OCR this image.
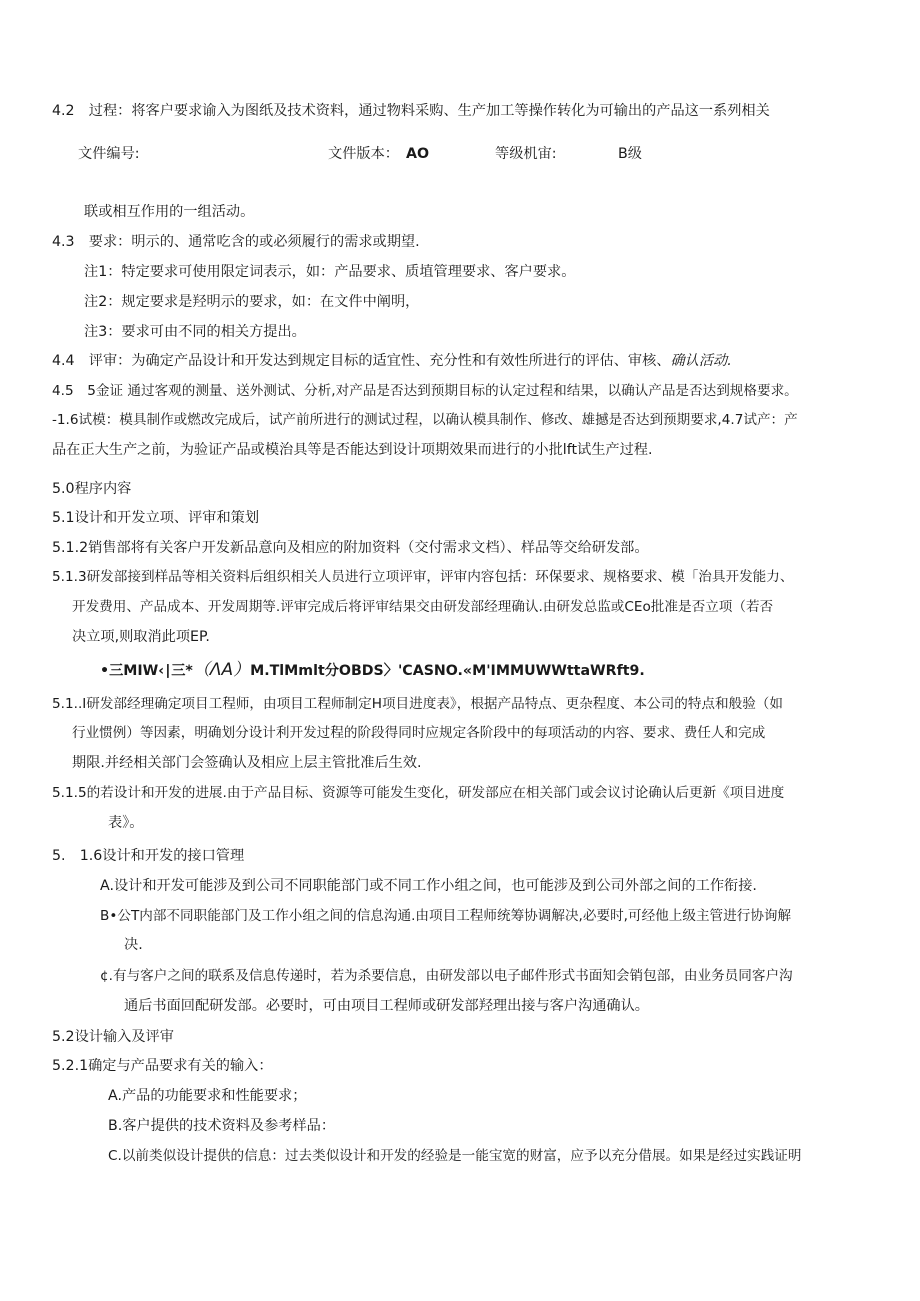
4.2　过程：将客户要求谕入为图纸及技术资料，通过物料采购、生产加工等操作转化为可输出的产品这一系列相关
文件编号:	文件版本： AO	等级机宙:	B级
联或相互作用的一组活动。
4.3　要求：明示的、通常吃含的或必须履行的需求或期望.
注1：特定要求可使用限定词表示，如：产品要求、质埴管理要求、客户要求。
注2：规定要求是羟明示的要求，如：在文件中阐明，
注3：要求可由不同的相关方提出。
4.4　评审：为确定产品设计和开发达到规定目标的适宜性、充分性和有效性所进行的评估、审核、确认活动.
4.5　5金证 通过客观的测量、送外测试、分析,对产品是否达到预期目标的认定过程和结果，以确认产品是否达到规格要求。
-1.6试模：模具制作或燃改完成后，试产前所进行的测试过程，以确认模具制作、修改、雄撼是否达到预期要求,4.7试产：产
品在正大生产之前，为验证产品或模治具等是否能达到设计项期效果而进行的小批lft试生产过程.
5.0程序内容
5.1设计和开发立项、评审和策划
5.1.2销售部将有关客户开发新品意向及相应的附加资料（交付需求文档）、样品等交给研发部。
5.1.3研发部接到样品等相关资料后组织相关人员进行立项评审，评审内容包括：环保要求、规格要求、模「治具开发能力、
开发费用、产品成本、开发周期等.评审完成后将评审结果交由研发部经理确认.由研发总监或CEo批准是否立项（若否
决立项,则取消此项EP.
•三MIW‹∣三*（ΛA）M.TlMmlt分OBDS〉'CASNO.«M'IMMUWWttaWRft9.
5.1..I研发部经理确定项目工程师，由项目工程师制定H项目进度表》，根据产品特点、更杂程度、本公司的特点和般验（如
行业惯例）等因素，明确划分设计利开发过程的阶段得同时应规定各阶段中的每项活动的内容、要求、费任人和完成
期限.并经相关部门会签确认及相应上层主管批准后生效.
5.1.5的若设计和开发的进展.由于产品目标、资源等可能发生变化，研发部应在相关部门或会议讨论确认后更新《项目进度
表》。
5.　1.6设计和开发的接口管理
A.设计和开发可能涉及到公司不同职能部门或不同工作小组之间，也可能涉及到公司外部之间的工作衔接.
B•公T内部不同职能部门及工作小组之间的信息沟通.由项目工程师统筹协调解决,必要时,可经他上级主管进行协询解
决.
¢.有与客户之间的联系及信息传递时，若为杀要信息，由研发部以电子邮件形式书面知会销包部，由业务员同客户沟
通后书面回配研发部。必要时，可由项目工程师或研发部羟理出接与客户沟通确认。
5.2设计输入及评审
5.2.1确定与产品要求有关的输入：
A.产品的功能要求和性能要求；
B.客户提供的技术资料及参考样品：
C.以前类似设计提供的信息：过去类似设计和开发的经验是一能宝宽的财富，应予以充分借展。如果是经过实践证明
